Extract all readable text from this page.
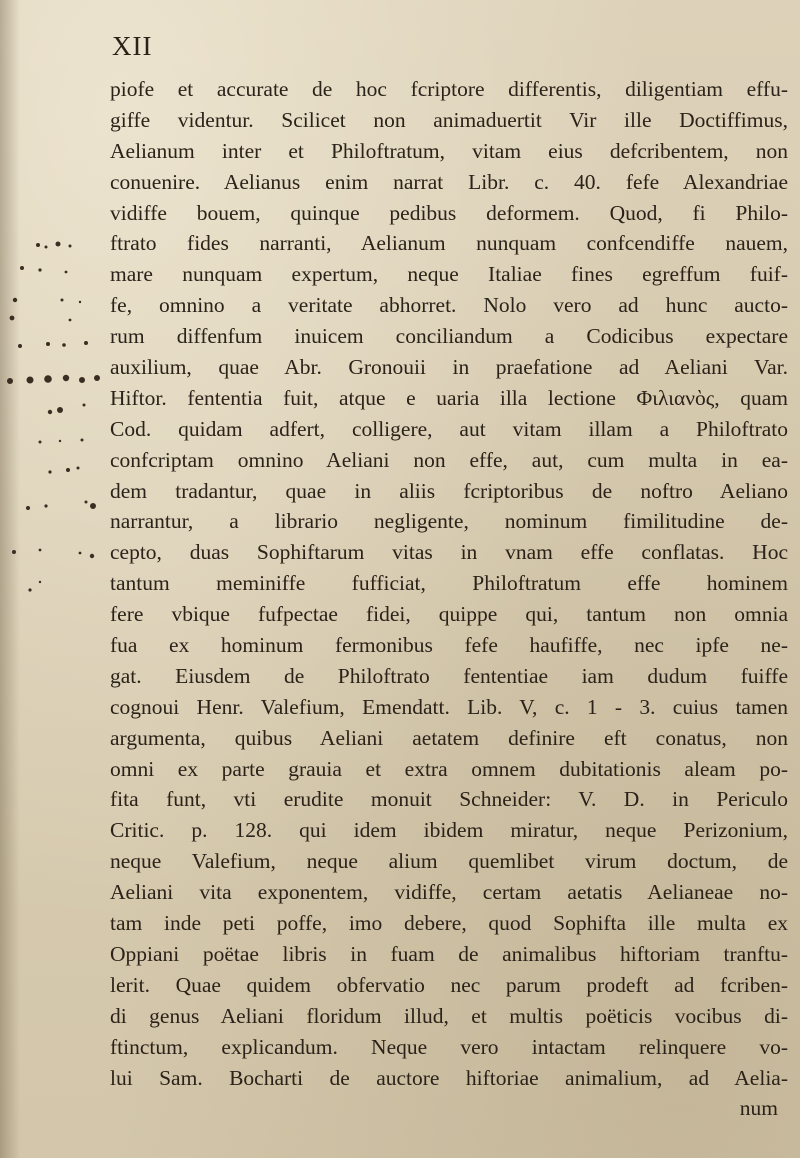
XII
piofe et accurate de hoc fcriptore differentis, diligentiam effu-
giffe videntur. Scilicet non animaduertit Vir ille Doctiffimus,
Aelianum inter et Philoftratum, vitam eius defcribentem, non
conuenire. Aelianus enim narrat Libr. c. 40. fefe Alexandriae
vidiffe bouem, quinque pedibus deformem. Quod, fi Philo-
ftrato fides narranti, Aelianum nunquam confcendiffe nauem,
mare nunquam expertum, neque Italiae fines egreffum fuif-
fe, omnino a veritate abhorret. Nolo vero ad hunc aucto-
rum diffenfum inuicem conciliandum a Codicibus expectare
auxilium, quae Abr. Gronouii in praefatione ad Aeliani Var.
Hiftor. fententia fuit, atque e uaria illa lectione Φιλιανὸς, quam
Cod. quidam adfert, colligere, aut vitam illam a Philoftrato
confcriptam omnino Aeliani non effe, aut, cum multa in ea-
dem tradantur, quae in aliis fcriptoribus de noftro Aeliano
narrantur, a librario negligente, nominum fimilitudine de-
cepto, duas Sophiftarum vitas in vnam effe conflatas. Hoc
tantum meminiffe fufficiat, Philoftratum effe hominem
fere vbique fufpectae fidei, quippe qui, tantum non omnia
fua ex hominum fermonibus fefe haufiffe, nec ipfe ne-
gat. Eiusdem de Philoftrato fententiae iam dudum fuiffe
cognoui Henr. Valefium, Emendatt. Lib. V, c. 1 - 3. cuius tamen
argumenta, quibus Aeliani aetatem definire eft conatus, non
omni ex parte grauia et extra omnem dubitationis aleam po-
fita funt, vti erudite monuit Schneider: V. D. in Periculo
Critic. p. 128. qui idem ibidem miratur, neque Perizonium,
neque Valefium, neque alium quemlibet virum doctum, de
Aeliani vita exponentem, vidiffe, certam aetatis Aelianeae no-
tam inde peti poffe, imo debere, quod Sophifta ille multa ex
Oppiani poëtae libris in fuam de animalibus hiftoriam tranftu-
lerit. Quae quidem obfervatio nec parum prodeft ad fcriben-
di genus Aeliani floridum illud, et multis poëticis vocibus di-
ftinctum, explicandum. Neque vero intactam relinquere vo-
lui Sam. Bocharti de auctore hiftoriae animalium, ad Aelia-
num
